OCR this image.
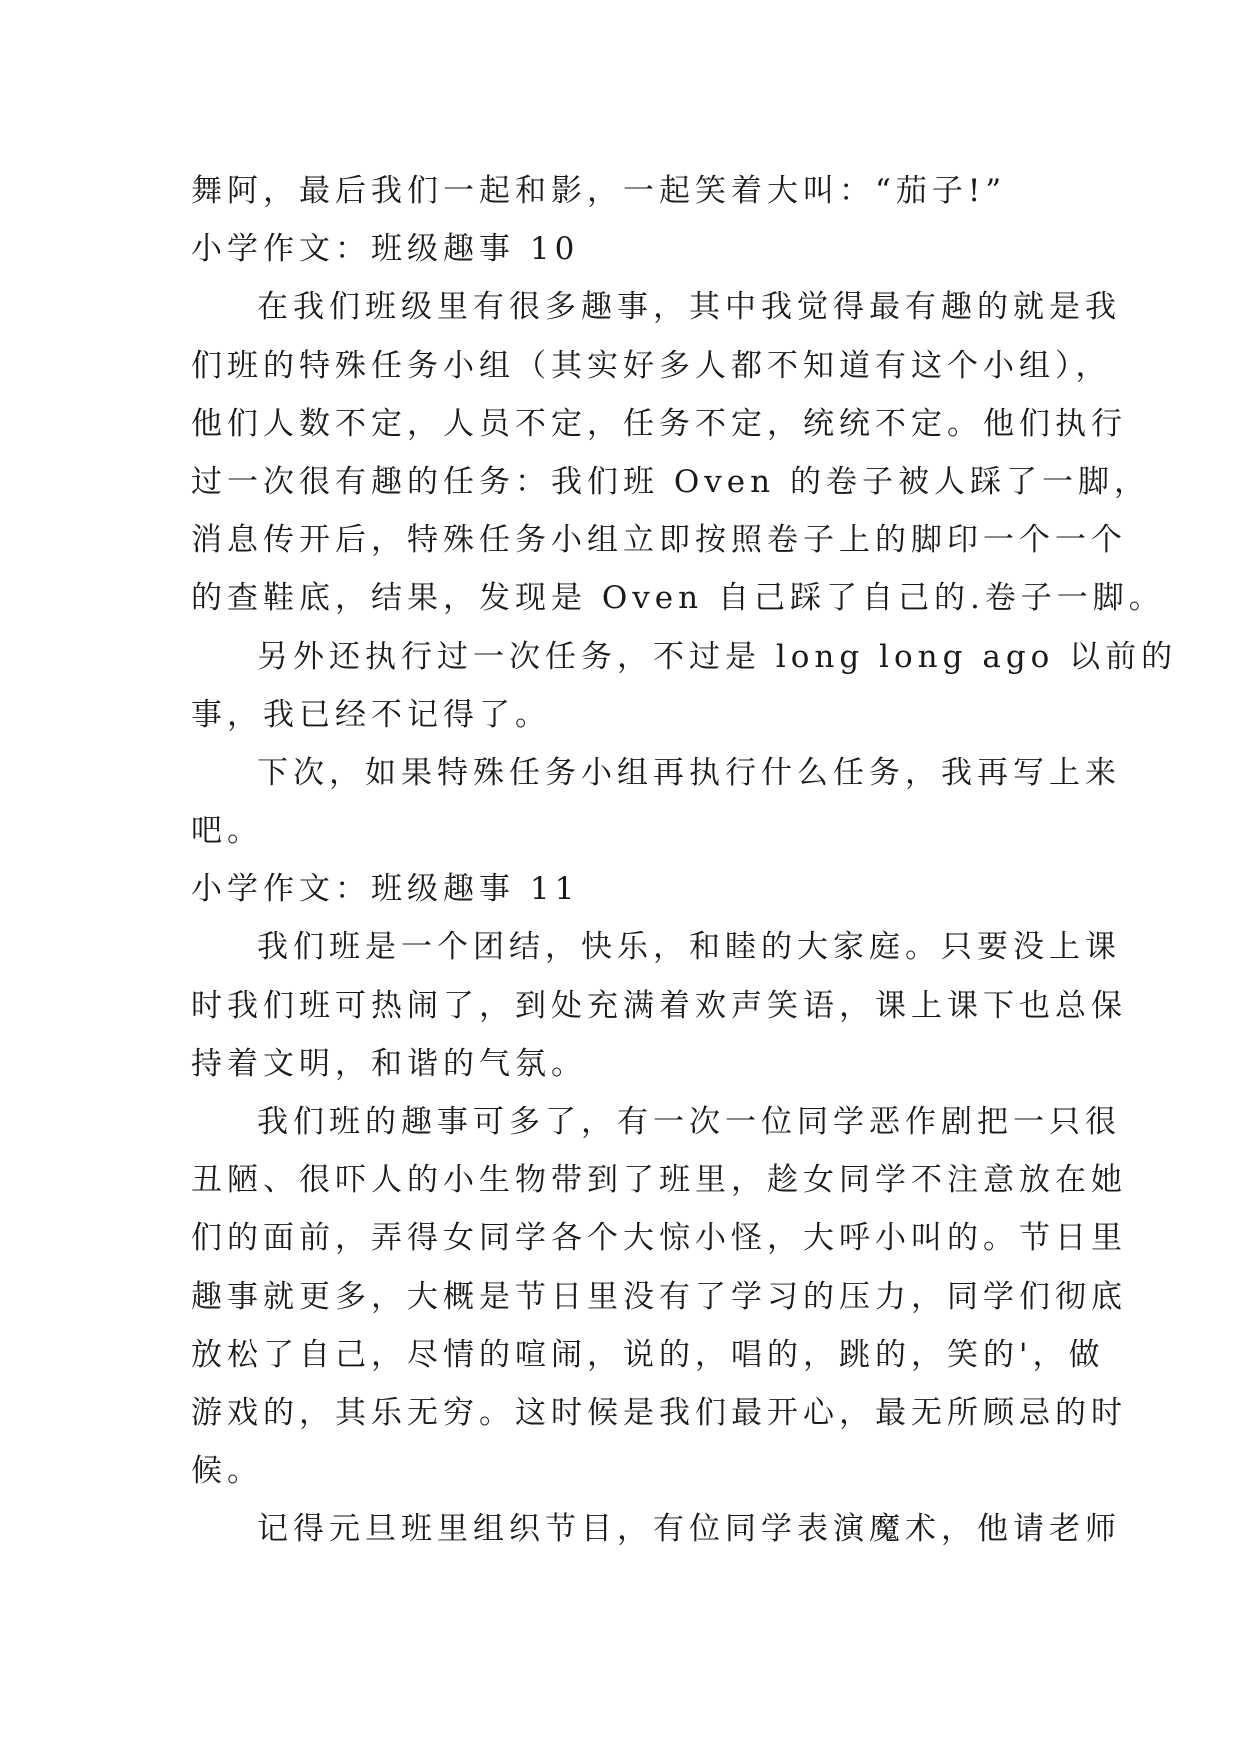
舞阿，最后我们一起和影，一起笑着大叫：“茄子!”
小学作文：班级趣事 10
在我们班级里有很多趣事，其中我觉得最有趣的就是我
们班的特殊任务小组（其实好多人都不知道有这个小组），
他们人数不定，人员不定，任务不定，统统不定。他们执行
过一次很有趣的任务：我们班 Oven 的卷子被人踩了一脚，
消息传开后，特殊任务小组立即按照卷子上的脚印一个一个
的查鞋底，结果，发现是 Oven 自己踩了自己的.卷子一脚。
另外还执行过一次任务，不过是 long long ago 以前的
事，我已经不记得了。
下次，如果特殊任务小组再执行什么任务，我再写上来
吧。
小学作文：班级趣事 11
我们班是一个团结，快乐，和睦的大家庭。只要没上课
时我们班可热闹了，到处充满着欢声笑语，课上课下也总保
持着文明，和谐的气氛。
我们班的趣事可多了，有一次一位同学恶作剧把一只很
丑陋、很吓人的小生物带到了班里，趁女同学不注意放在她
们的面前，弄得女同学各个大惊小怪，大呼小叫的。节日里
趣事就更多，大概是节日里没有了学习的压力，同学们彻底
放松了自己，尽情的喧闹，说的，唱的，跳的，笑的'，做
游戏的，其乐无穷。这时候是我们最开心，最无所顾忌的时
候。
记得元旦班里组织节目，有位同学表演魔术，他请老师
